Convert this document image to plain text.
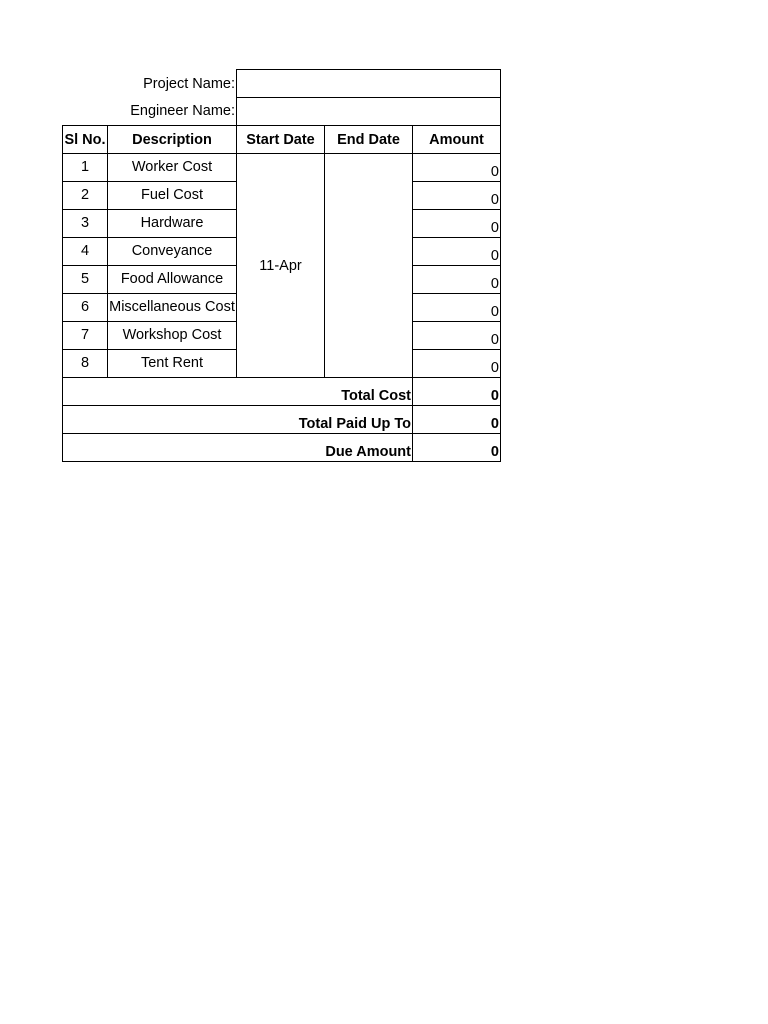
	Project Name:			
	Engineer Name:			
Sl No.	Description	Start Date	End Date	Amount
1	Worker Cost	11-Apr		0
2	Fuel Cost			0
3	Hardware			0
4	Conveyance			0
5	Food Allowance			0
6	Miscellaneous Cost			0
7	Workshop Cost			0
8	Tent Rent			0
Total Cost				0
Total Paid Up To				0
Due Amount				0
